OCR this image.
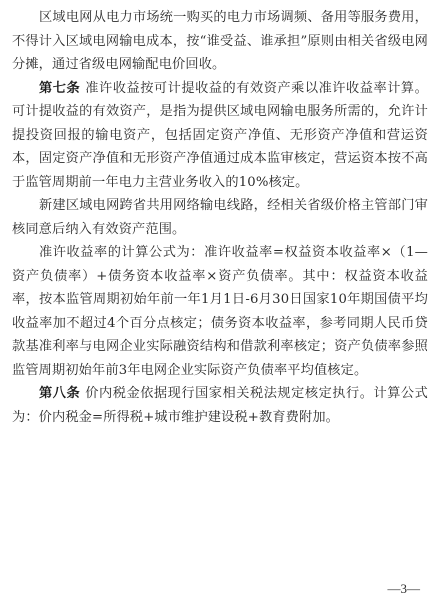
区域电网从电力市场统一购买的电力市场调频、备用等服务费用，不得计入区域电网输电成本，按“谁受益、谁承担”原则由相关省级电网分摊，通过省级电网输配电价回收。

第七条 准许收益按可计提收益的有效资产乘以准许收益率计算。可计提收益的有效资产，是指为提供区域电网输电服务所需的，允许计提投资回报的输电资产，包括固定资产净值、无形资产净值和营运资本，固定资产净值和无形资产净值通过成本监审核定，营运资本按不高于监管周期前一年电力主营业务收入的10%核定。

新建区域电网跨省共用网络输电线路，经相关省级价格主管部门审核同意后纳入有效资产范围。

准许收益率的计算公式为：准许收益率=权益资本收益率×（1—资产负债率）+债务资本收益率×资产负债率。其中：权益资本收益率，按本监管周期初始年前一年1月1日-6月30日国家10年期国债平均收益率加不超过4个百分点核定；债务资本收益率，参考同期人民币贷款基准利率与电网企业实际融资结构和借款利率核定；资产负债率参照监管周期初始年前3年电网企业实际资产负债率平均值核定。

第八条 价内税金依据现行国家相关税法规定核定执行。计算公式为：价内税金=所得税+城市维护建设税+教育费附加。

—3—
